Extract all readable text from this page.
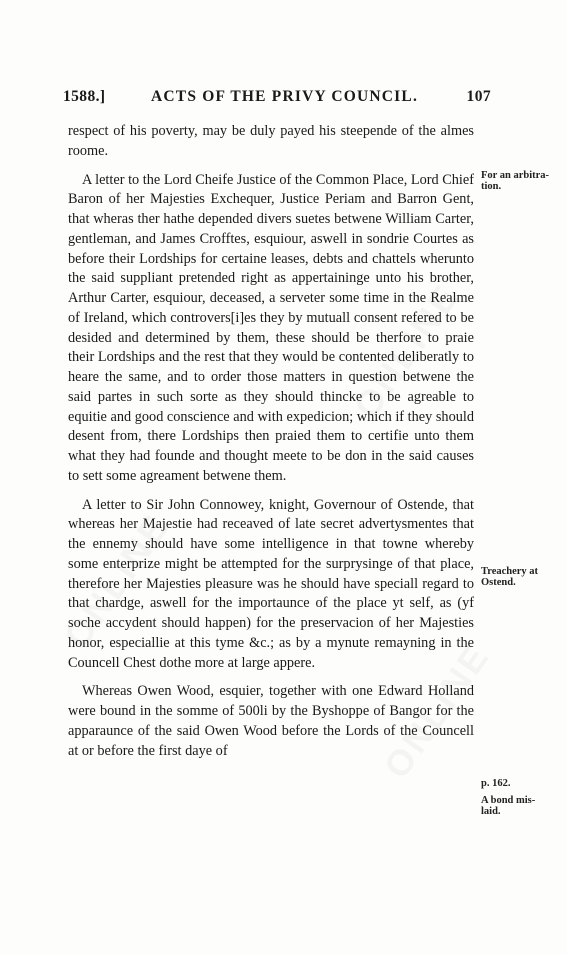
1588.]	ACTS OF THE PRIVY COUNCIL.	107

respect of his poverty, may be duly payed his steepende of the almes roome.

A letter to the Lord Cheife Justice of the Common Place, Lord Chief Baron of her Majesties Exchequer, Justice Periam and Barron Gent, that wheras ther hathe depended divers suetes betwene William Carter, gentleman, and James Crofftes, esquiour, aswell in sondrie Courtes as before their Lordships for certaine leases, debts and chattels wherunto the said suppliant pretended right as appertaininge unto his brother, Arthur Carter, esquiour, deceased, a serveter some time in the Realme of Ireland, which controvers[i]es they by mutuall consent refered to be desided and determined by them, these should be therfore to praie their Lordships and the rest that they would be contented deliberatly to heare the same, and to order those matters in question betwene the said partes in such sorte as they should thincke to be agreable to equitie and good conscience and with expedicion; which if they should desent from, there Lordships then praied them to certifie unto them what they had founde and thought meete to be don in the said causes to sett some agreament betwene them.

A letter to Sir John Connowey, knight, Governour of Ostende, that whereas her Majestie had receaved of late secret advertysmentes that the ennemy should have some intelligence in that towne whereby some enterprize might be attempted for the surprysinge of that place, therefore her Majesties pleasure was he should have speciall regard to that chardge, aswell for the importaunce of the place yt self, as (yf soche accydent should happen) for the preservacion of her Majesties honor, especiallie at this tyme &c.; as by a mynute remayning in the Councell Chest dothe more at large appere.

Whereas Owen Wood, esquier, together with one Edward Holland were bound in the somme of 500li by the Byshoppe of Bangor for the apparaunce of the said Owen Wood before the Lords of the Councell at or before the first daye of

For an arbitra-
tion.
Treachery at
Ostend.
p. 162.
A bond mis-
laid.
